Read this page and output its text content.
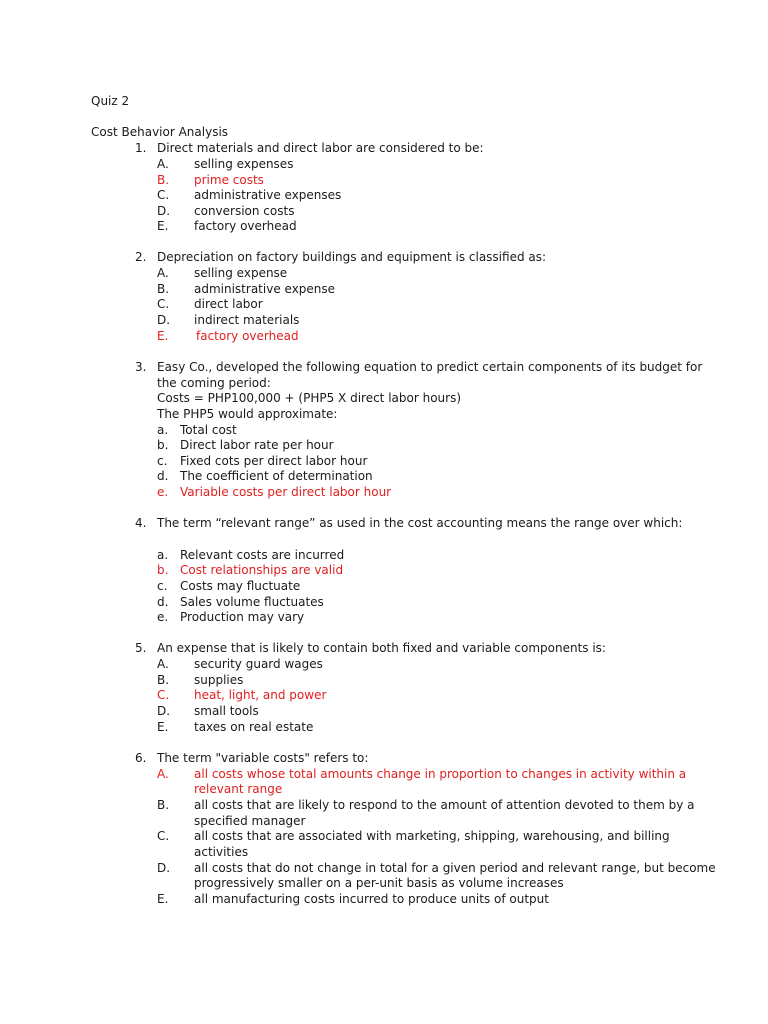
Quiz 2
Cost Behavior Analysis
1. Direct materials and direct labor are considered to be:
A. selling expenses
B. prime costs
C. administrative expenses
D. conversion costs
E. factory overhead
2. Depreciation on factory buildings and equipment is classified as:
A. selling expense
B. administrative expense
C. direct labor
D. indirect materials
E. factory overhead
3. Easy Co., developed the following equation to predict certain components of its budget for
the coming period:
Costs = PHP100,000 + (PHP5 X direct labor hours)
The PHP5 would approximate:
a. Total cost
b. Direct labor rate per hour
c. Fixed cots per direct labor hour
d. The coefficient of determination
e. Variable costs per direct labor hour
4. The term “relevant range” as used in the cost accounting means the range over which:
a. Relevant costs are incurred
b. Cost relationships are valid
c. Costs may fluctuate
d. Sales volume fluctuates
e. Production may vary
5. An expense that is likely to contain both fixed and variable components is:
A. security guard wages
B. supplies
C. heat, light, and power
D. small tools
E. taxes on real estate
6. The term "variable costs" refers to:
A. all costs whose total amounts change in proportion to changes in activity within a
relevant range
B. all costs that are likely to respond to the amount of attention devoted to them by a
specified manager
C. all costs that are associated with marketing, shipping, warehousing, and billing
activities
D. all costs that do not change in total for a given period and relevant range, but become
progressively smaller on a per-unit basis as volume increases
E. all manufacturing costs incurred to produce units of output
